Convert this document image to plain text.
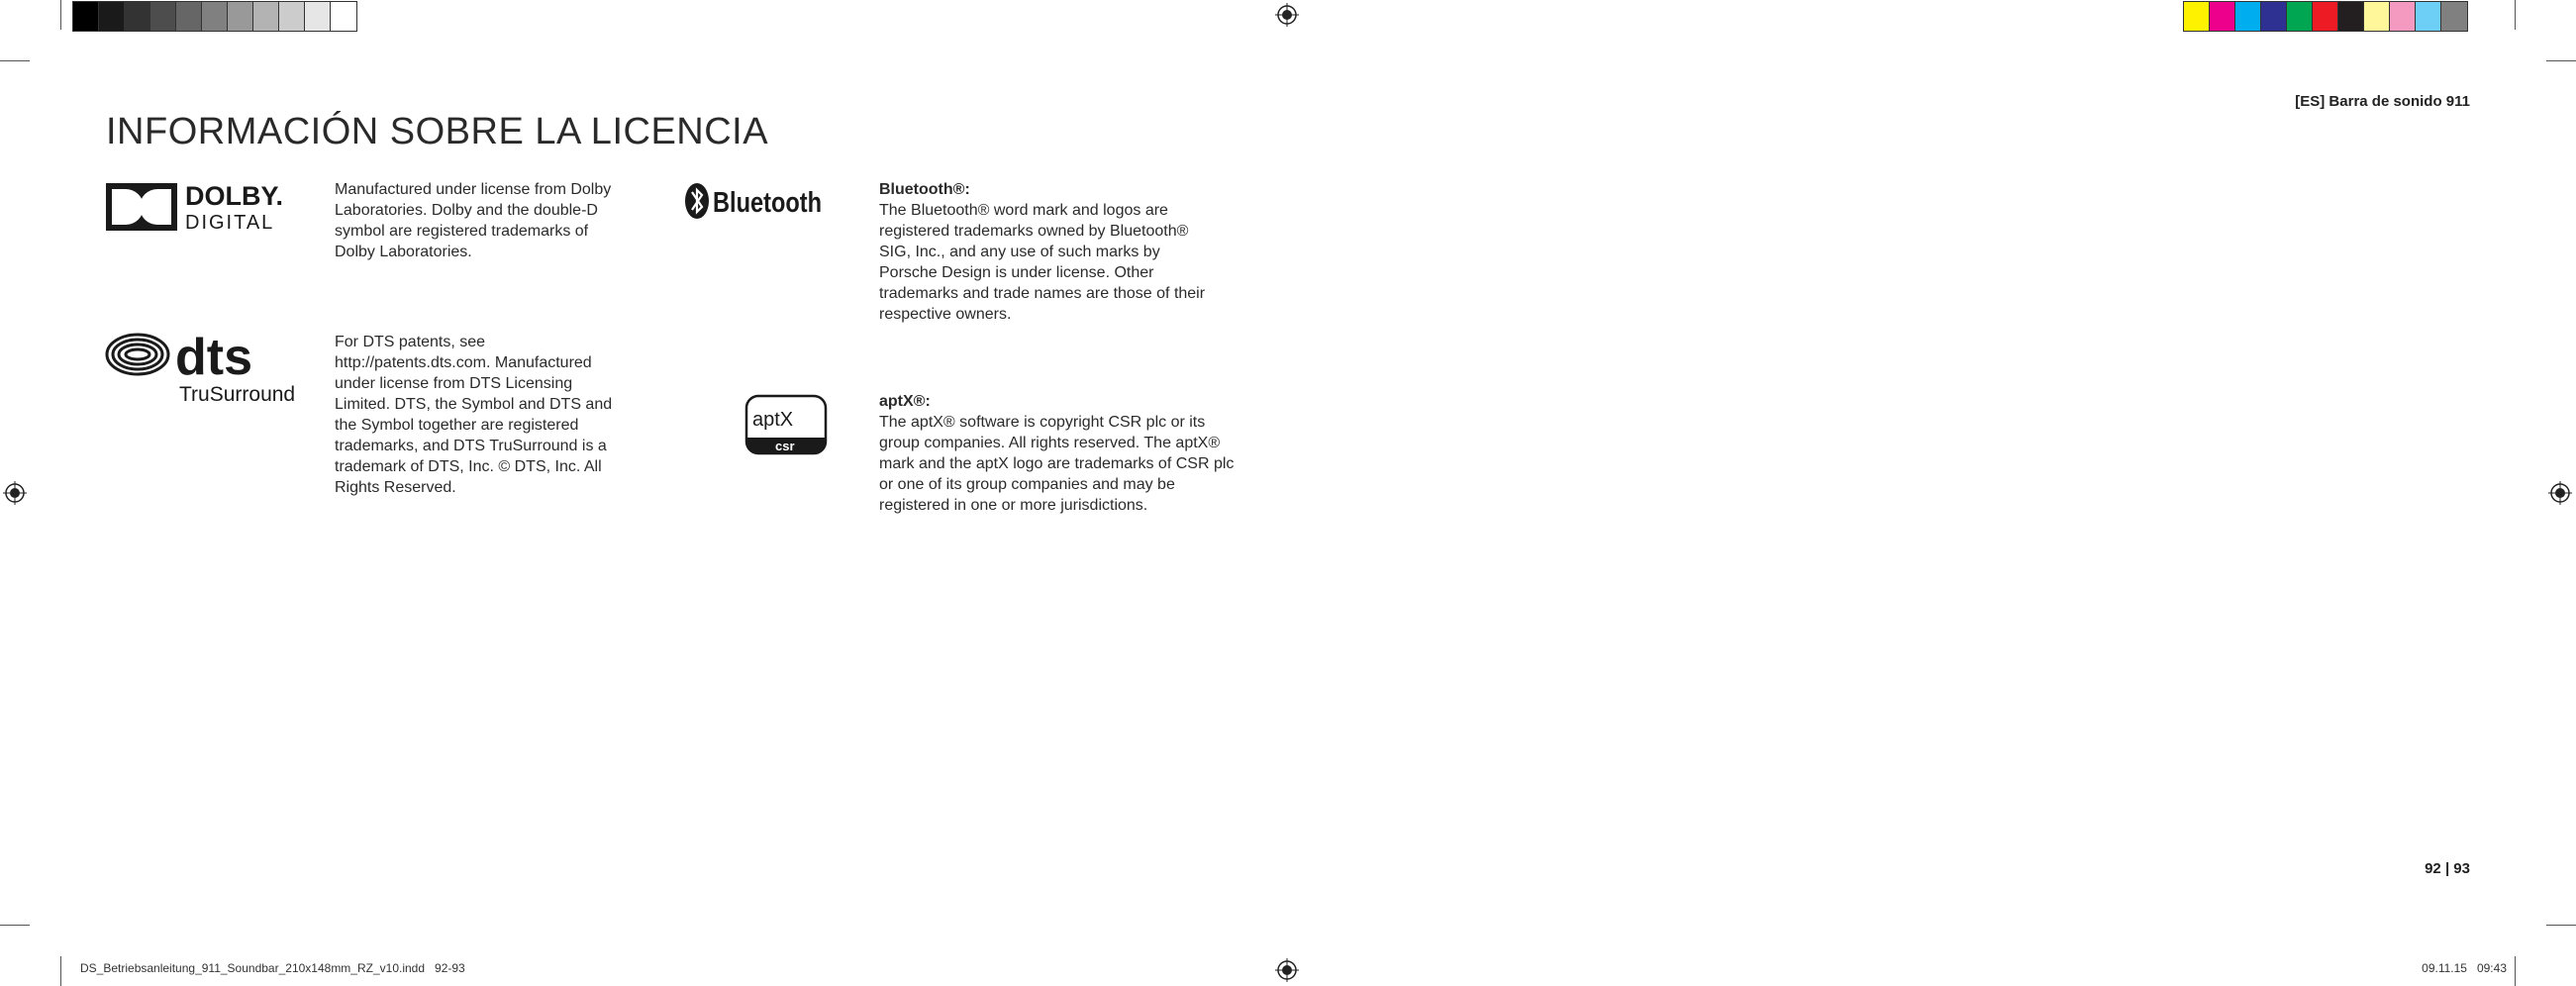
[ES] Barra de sonido 911
INFORMACIÓN SOBRE LA LICENCIA
DOLBY.
DIGITAL

Manufactured under license from Dolby Laboratories. Dolby and the double-D symbol are registered trademarks of Dolby Laboratories.

dts
TruSurround

For DTS patents, see http://patents.dts.com. Manufactured under license from DTS Licensing Limited. DTS, the Symbol and DTS and the Symbol together are registered trademarks, and DTS TruSurround is a trademark of DTS, Inc. © DTS, Inc. All Rights Reserved.

Bluetooth	Bluetooth®:

The Bluetooth® word mark and logos are registered trademarks owned by Bluetooth® SIG, Inc., and any use of such marks by Porsche Design is under license. Other trademarks and trade names are those of their respective owners.

aptX
csr

aptX®:

The aptX® software is copyright CSR plc or its group companies. All rights reserved. The aptX® mark and the aptX logo are trademarks of CSR plc or one of its group companies and may be registered in one or more jurisdictions.

92 | 93
DS_Betriebsanleitung_911_Soundbar_210x148mm_RZ_v10.indd   92-93	09.11.15   09:43
